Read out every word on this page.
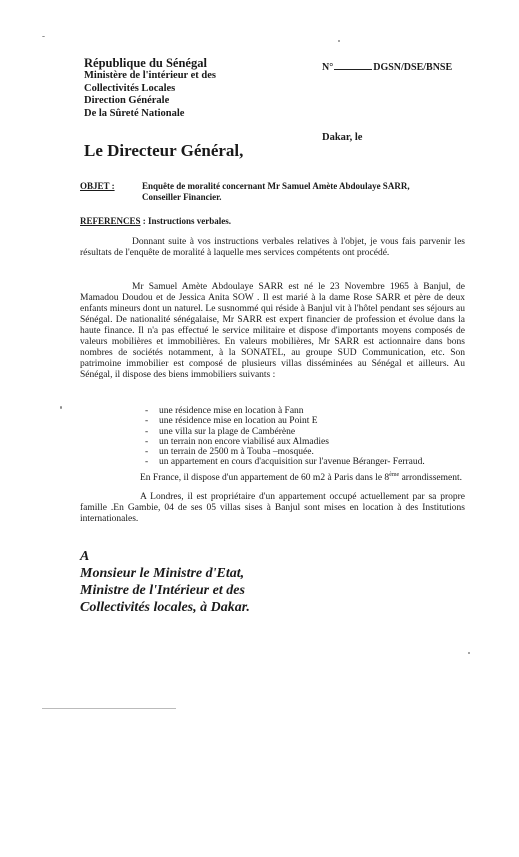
République du Sénégal
Ministère de l'intérieur et des
Collectivités Locales
Direction Générale
De la Sûreté Nationale
N°	DGSN/DSE/BNSE
Dakar, le
Le Directeur Général,
OBJET :	Enquête de moralité concernant Mr Samuel Amète Abdoulaye SARR, Conseiller Financier.
REFERENCES : Instructions verbales.
Donnant suite à vos instructions verbales relatives à l'objet, je vous fais parvenir les résultats de l'enquête de moralité à laquelle mes services compétents ont procédé.
Mr Samuel Amète Abdoulaye SARR est né le 23 Novembre 1965 à Banjul, de Mamadou Doudou et de Jessica Anita SOW . Il est marié à la dame Rose SARR et père de deux enfants mineurs dont un naturel. Le susnommé qui réside à Banjul vit à l'hôtel pendant ses séjours au Sénégal. De nationalité sénégalaise, Mr SARR est expert financier de profession et évolue dans la haute finance. Il n'a pas effectué le service militaire et dispose d'importants moyens composés de valeurs mobilières et immobilières. En valeurs mobilières, Mr SARR est actionnaire dans bons nombres de sociétés notamment, à la SONATEL, au groupe SUD Communication, etc. Son patrimoine immobilier est composé de plusieurs villas disséminées au Sénégal et ailleurs. Au Sénégal, il dispose des biens immobiliers suivants :
-	une résidence mise en location à Fann
-	une résidence mise en location au Point E
-	une villa sur la plage de Cambérène
-	un terrain non encore viabilisé aux Almadies
-	un terrain de 2500 m à Touba –mosquée.
-	un appartement en cours d'acquisition sur l'avenue Béranger- Ferraud.
En France, il dispose d'un appartement de 60 m2 à Paris dans le 8ème arrondissement.
A Londres, il est propriétaire d'un appartement occupé actuellement par sa propre famille .En Gambie, 04 de ses 05 villas sises à Banjul sont mises en location à des Institutions internationales.
A
Monsieur le Ministre d'Etat,
Ministre de l'Intérieur et des
Collectivités locales, à Dakar.
